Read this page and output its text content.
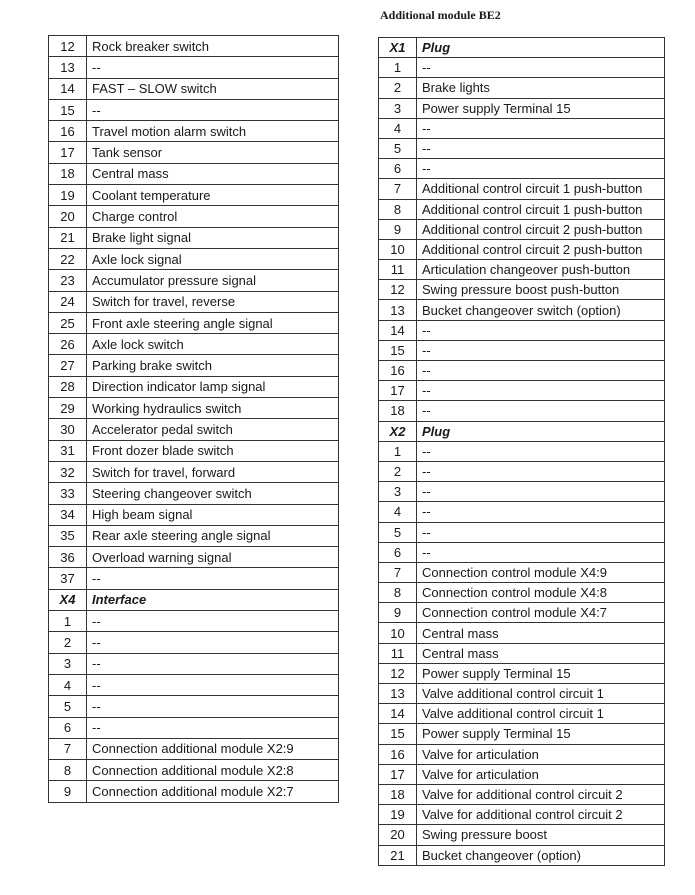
Additional module BE2
12	Rock breaker switch
13	--
14	FAST – SLOW switch
15	--
16	Travel motion alarm switch
17	Tank sensor
18	Central mass
19	Coolant temperature
20	Charge control
21	Brake light signal
22	Axle lock signal
23	Accumulator pressure signal
24	Switch for travel, reverse
25	Front axle steering angle signal
26	Axle lock switch
27	Parking brake switch
28	Direction indicator lamp signal
29	Working hydraulics switch
30	Accelerator pedal switch
31	Front dozer blade switch
32	Switch for travel, forward
33	Steering changeover switch
34	High beam signal
35	Rear axle steering angle signal
36	Overload warning signal
37	--
X4	Interface
1	--
2	--
3	--
4	--
5	--
6	--
7	Connection additional module X2:9
8	Connection additional module X2:8
9	Connection additional module X2:7
X1	Plug
1	--
2	Brake lights
3	Power supply Terminal 15
4	--
5	--
6	--
7	Additional control circuit 1 push-button
8	Additional control circuit 1 push-button
9	Additional control circuit 2 push-button
10	Additional control circuit 2 push-button
11	Articulation changeover push-button
12	Swing pressure boost push-button
13	Bucket changeover switch (option)
14	--
15	--
16	--
17	--
18	--
X2	Plug
1	--
2	--
3	--
4	--
5	--
6	--
7	Connection control module X4:9
8	Connection control module X4:8
9	Connection control module X4:7
10	Central mass
11	Central mass
12	Power supply Terminal 15
13	Valve additional control circuit 1
14	Valve additional control circuit 1
15	Power supply Terminal 15
16	Valve for articulation
17	Valve for articulation
18	Valve for additional control circuit 2
19	Valve for additional control circuit 2
20	Swing pressure boost
21	Bucket changeover (option)
